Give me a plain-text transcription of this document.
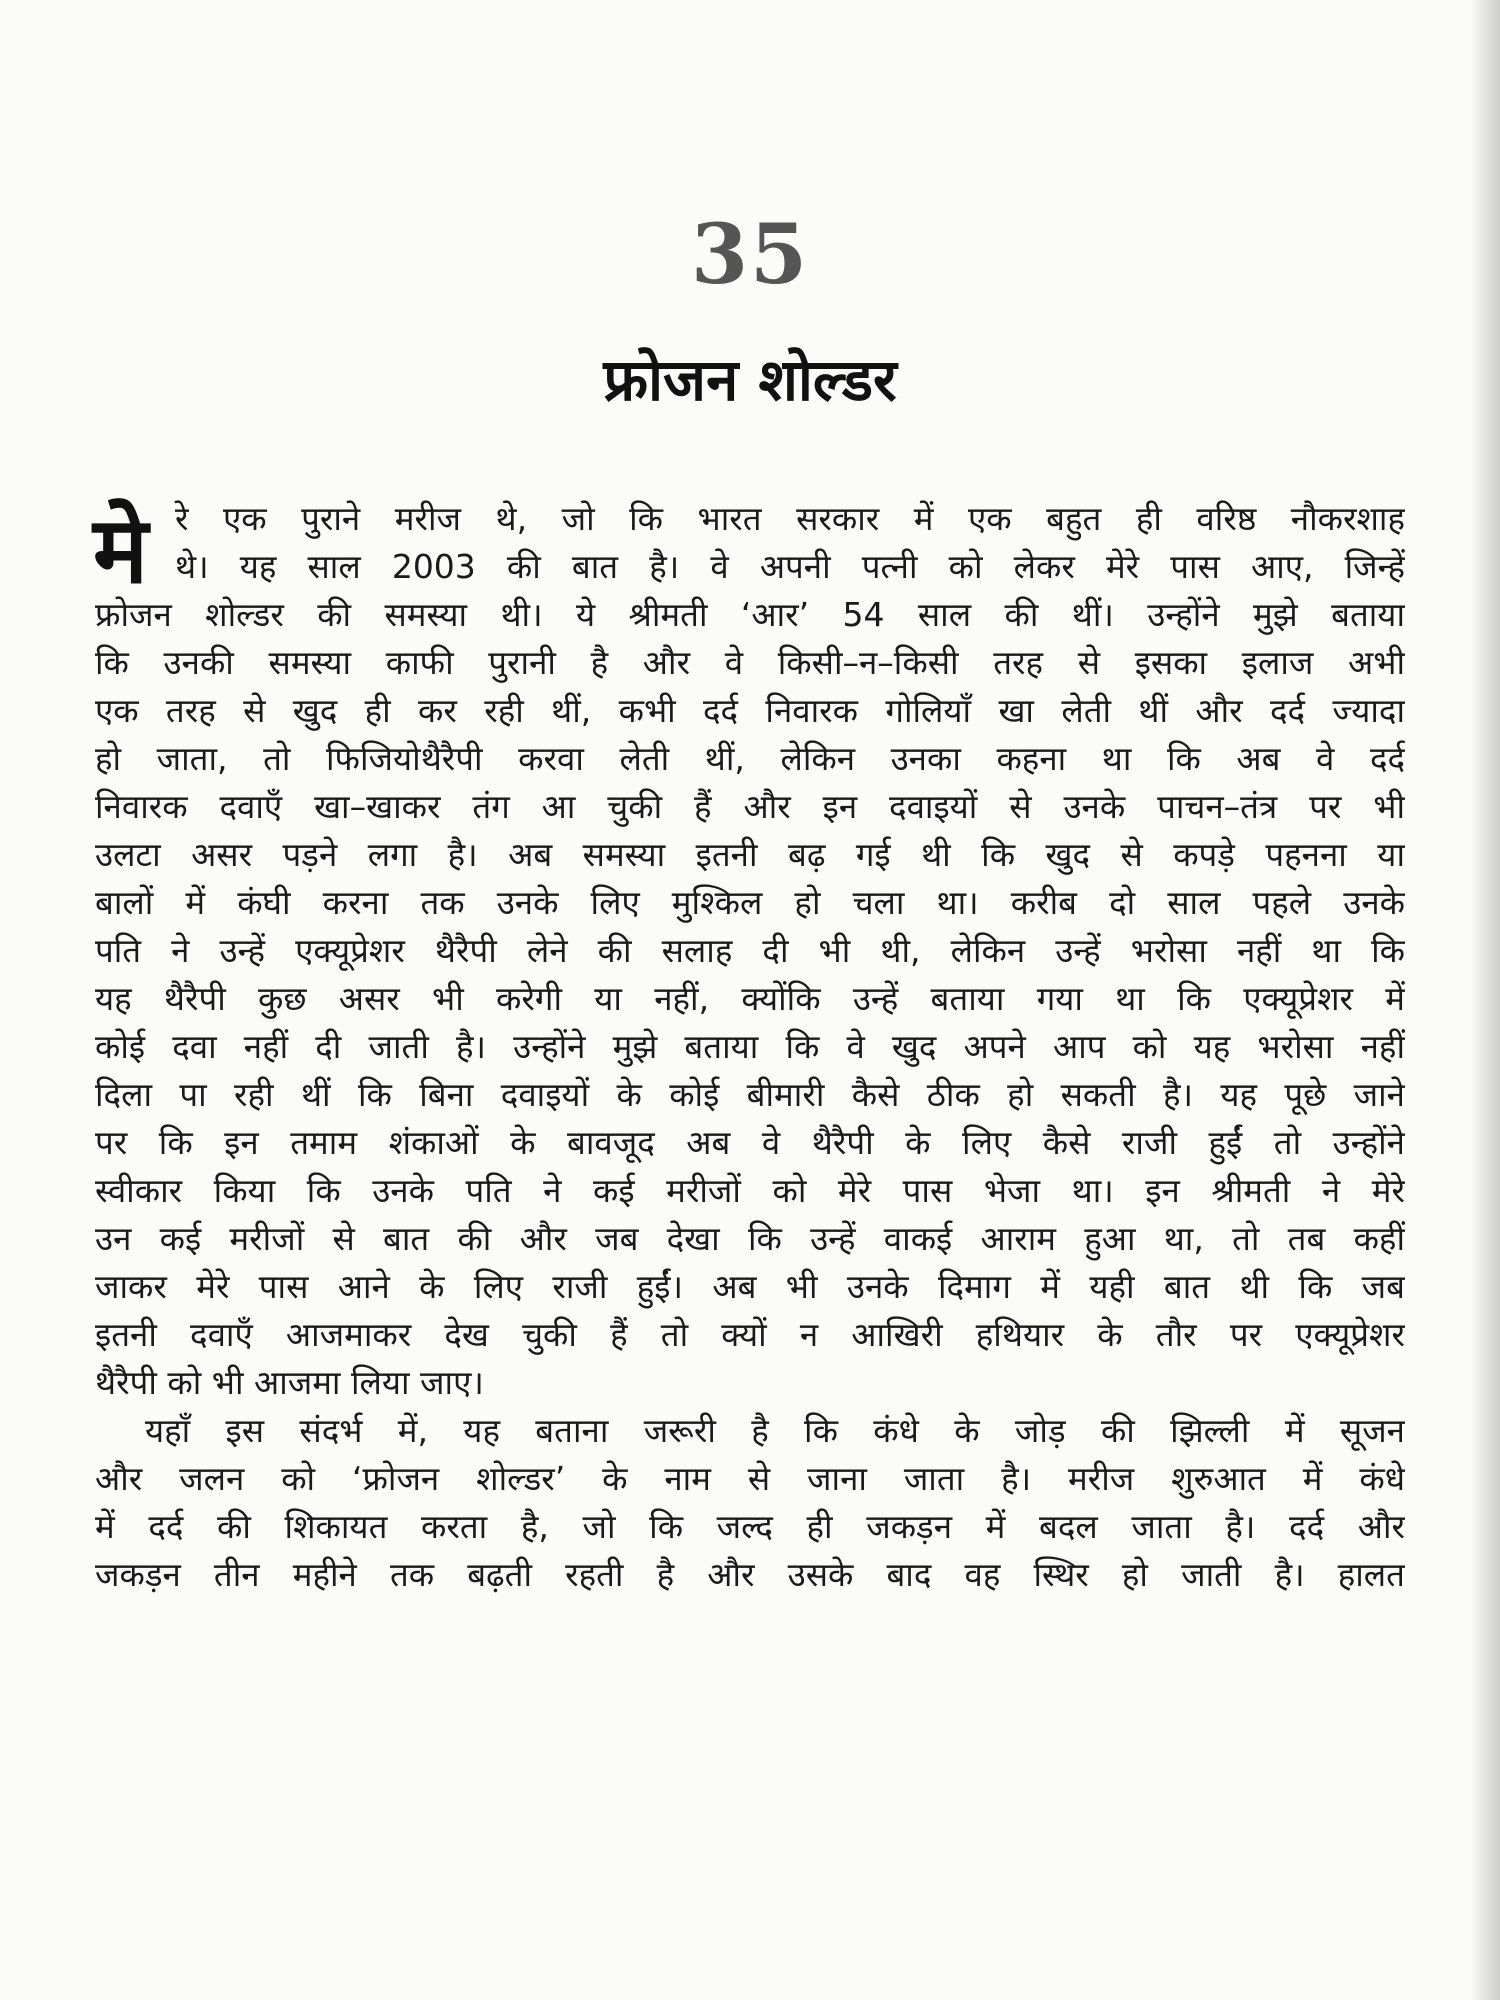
35
फ्रोजन शोल्डर
मे रे एक पुराने मरीज थे, जो कि भारत सरकार में एक बहुत ही वरिष्ठ नौकरशाह
थे। यह साल 2003 की बात है। वे अपनी पत्नी को लेकर मेरे पास आए, जिन्हें
फ्रोजन शोल्डर की समस्या थी। ये श्रीमती ‘आर’ 54 साल की थीं। उन्होंने मुझे बताया
कि उनकी समस्या काफी पुरानी है और वे किसी–न–किसी तरह से इसका इलाज अभी
एक तरह से खुद ही कर रही थीं, कभी दर्द निवारक गोलियाँ खा लेती थीं और दर्द ज्यादा
हो जाता, तो फिजियोथैरैपी करवा लेती थीं, लेकिन उनका कहना था कि अब वे दर्द
निवारक दवाएँ खा–खाकर तंग आ चुकी हैं और इन दवाइयों से उनके पाचन–तंत्र पर भी
उलटा असर पड़ने लगा है। अब समस्या इतनी बढ़ गई थी कि खुद से कपड़े पहनना या
बालों में कंघी करना तक उनके लिए मुश्किल हो चला था। करीब दो साल पहले उनके
पति ने उन्हें एक्यूप्रेशर थैरैपी लेने की सलाह दी भी थी, लेकिन उन्हें भरोसा नहीं था कि
यह थैरैपी कुछ असर भी करेगी या नहीं, क्योंकि उन्हें बताया गया था कि एक्यूप्रेशर में
कोई दवा नहीं दी जाती है। उन्होंने मुझे बताया कि वे खुद अपने आप को यह भरोसा नहीं
दिला पा रही थीं कि बिना दवाइयों के कोई बीमारी कैसे ठीक हो सकती है। यह पूछे जाने
पर कि इन तमाम शंकाओं के बावजूद अब वे थैरैपी के लिए कैसे राजी हुईं तो उन्होंने
स्वीकार किया कि उनके पति ने कई मरीजों को मेरे पास भेजा था। इन श्रीमती ने मेरे
उन कई मरीजों से बात की और जब देखा कि उन्हें वाकई आराम हुआ था, तो तब कहीं
जाकर मेरे पास आने के लिए राजी हुईं। अब भी उनके दिमाग में यही बात थी कि जब
इतनी दवाएँ आजमाकर देख चुकी हैं तो क्यों न आखिरी हथियार के तौर पर एक्यूप्रेशर
थैरैपी को भी आजमा लिया जाए।
यहाँ इस संदर्भ में, यह बताना जरूरी है कि कंधे के जोड़ की झिल्ली में सूजन
और जलन को ‘फ्रोजन शोल्डर’ के नाम से जाना जाता है। मरीज शुरुआत में कंधे
में दर्द की शिकायत करता है, जो कि जल्द ही जकड़न में बदल जाता है। दर्द और
जकड़न तीन महीने तक बढ़ती रहती है और उसके बाद वह स्थिर हो जाती है। हालत
